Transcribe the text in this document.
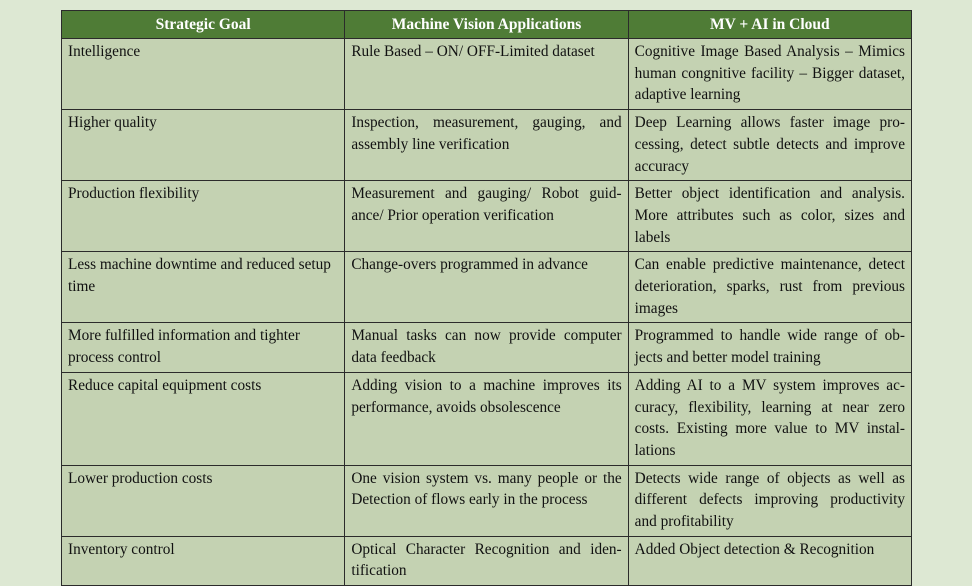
Strategic Goal	Machine Vision Applications	MV + AI in Cloud
Intelligence	Rule Based – ON/ OFF-Limited dataset	Cognitive Image Based Analysis – Mimics human congnitive facility – Bigger dataset, adaptive learning
Higher quality	Inspection, measurement, gauging, and assembly line verification	Deep Learning allows faster image processing, detect subtle detects and improve accuracy
Production flexibility	Measurement and gauging/ Robot guidance/ Prior operation verification	Better object identification and analysis. More attributes such as color, sizes and labels
Less machine downtime and reduced setup time	Change-overs programmed in advance	Can enable predictive maintenance, detect deterioration, sparks, rust from previous images
More fulfilled information and tighter process control	Manual tasks can now provide computer data feedback	Programmed to handle wide range of objects and better model training
Reduce capital equipment costs	Adding vision to a machine improves its performance, avoids obsolescence	Adding AI to a MV system improves accuracy, flexibility, learning at near zero costs. Existing more value to MV installations
Lower production costs	One vision system vs. many people or the Detection of flows early in the process	Detects wide range of objects as well as different defects improving productivity and profitability
Inventory control	Optical Character Recognition and identification	Added Object detection & Recognition
